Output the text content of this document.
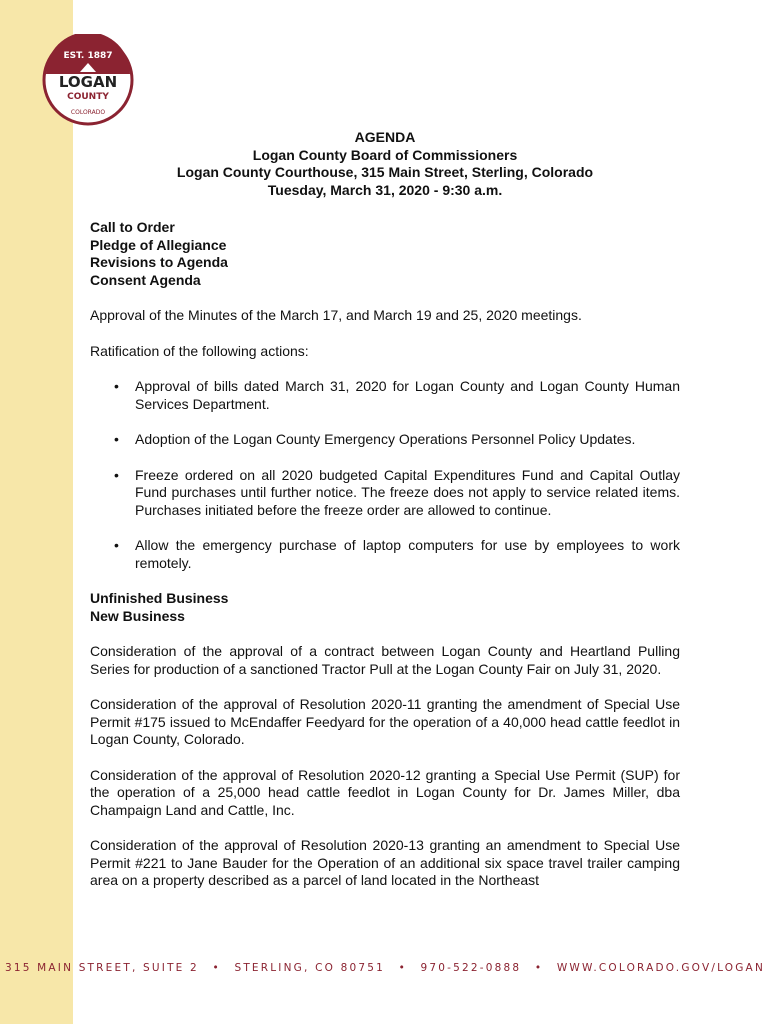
EST. 1887
LOGAN
COUNTY
COLORADO
AGENDA
Logan County Board of Commissioners
Logan County Courthouse, 315 Main Street, Sterling, Colorado
Tuesday, March 31, 2020 - 9:30 a.m.
Call to Order
Pledge of Allegiance
Revisions to Agenda
Consent Agenda

Approval of the Minutes of the March 17, and March 19 and 25, 2020 meetings.

Ratification of the following actions:

• Approval of bills dated March 31, 2020 for Logan County and Logan County Human Services Department.
• Adoption of the Logan County Emergency Operations Personnel Policy Updates.
• Freeze ordered on all 2020 budgeted Capital Expenditures Fund and Capital Outlay Fund purchases until further notice. The freeze does not apply to service related items. Purchases initiated before the freeze order are allowed to continue.
• Allow the emergency purchase of laptop computers for use by employees to work remotely.
Unfinished Business
New Business

Consideration of the approval of a contract between Logan County and Heartland Pulling Series for production of a sanctioned Tractor Pull at the Logan County Fair on July 31, 2020.

Consideration of the approval of Resolution 2020-11 granting the amendment of Special Use Permit #175 issued to McEndaffer Feedyard for the operation of a 40,000 head cattle feedlot in Logan County, Colorado.

Consideration of the approval of Resolution 2020-12 granting a Special Use Permit (SUP) for the operation of a 25,000 head cattle feedlot in Logan County for Dr. James Miller, dba Champaign Land and Cattle, Inc.

Consideration of the approval of Resolution 2020-13 granting an amendment to Special Use Permit #221 to Jane Bauder for the Operation of an additional six space travel trailer camping area on a property described as a parcel of land located in the Northeast

315 MAIN STREET, SUITE 2 • STERLING, CO 80751 • 970-522-0888 • WWW.COLORADO.GOV/LOGAN
